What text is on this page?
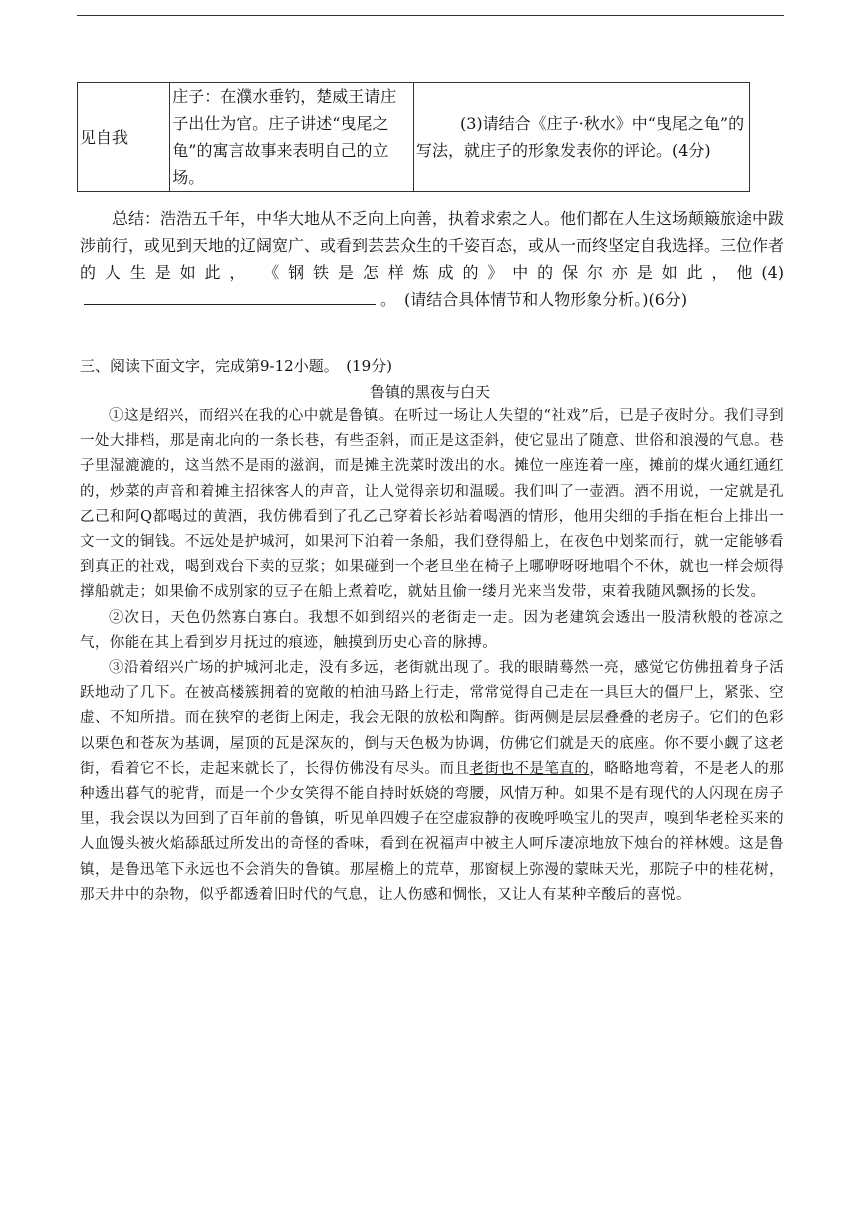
见自我	庄子：在濮水垂钓，楚威王请庄子出仕为官。庄子讲述“曳尾之龟”的寓言故事来表明自己的立场。	(3)请结合《庄子·秋水》中“曳尾之龟”的写法，就庄子的形象发表你的评论。(4分)

总结：浩浩五千年，中华大地从不乏向上向善，执着求索之人。他们都在人生这场颠簸旅途中跋涉前行，或见到天地的辽阔宽广、或看到芸芸众生的千姿百态，或从一而终坚定自我选择。三位作者的人生是如此，　《钢铁是怎样炼成的》中的保尔亦是如此，他(4)。　(请结合具体情节和人物形象分析。)(6分)

三、阅读下面文字，完成第9-12小题。　(19分)
鲁镇的黑夜与白天

①这是绍兴，而绍兴在我的心中就是鲁镇。在听过一场让人失望的“社戏”后，已是子夜时分。我们寻到一处大排档，那是南北向的一条长巷，有些歪斜，而正是这歪斜，使它显出了随意、世俗和浪漫的气息。巷子里湿漉漉的，这当然不是雨的滋润，而是摊主洗菜时泼出的水。摊位一座连着一座，摊前的煤火通红通红的，炒菜的声音和着摊主招徕客人的声音，让人觉得亲切和温暖。我们叫了一壶酒。酒不用说，一定就是孔乙己和阿Q都喝过的黄酒，我仿佛看到了孔乙己穿着长衫站着喝酒的情形，他用尖细的手指在柜台上排出一文一文的铜钱。不远处是护城河，如果河下泊着一条船，我们登得船上，在夜色中划桨而行，就一定能够看到真正的社戏，喝到戏台下卖的豆浆；如果碰到一个老旦坐在椅子上哪咿呀呀地唱个不休，就也一样会烦得撑船就走；如果偷不成别家的豆子在船上煮着吃，就姑且偷一缕月光来当发带，束着我随风飘扬的长发。

②次日，天色仍然寡白寡白。我想不如到绍兴的老街走一走。因为老建筑会透出一股清秋般的苍凉之气，你能在其上看到岁月抚过的痕迹，触摸到历史心音的脉搏。

③沿着绍兴广场的护城河北走，没有多远，老街就出现了。我的眼睛蓦然一亮，感觉它仿佛扭着身子活跃地动了几下。在被高楼簇拥着的宽敞的柏油马路上行走，常常觉得自己走在一具巨大的僵尸上，紧张、空虚、不知所措。而在狭窄的老街上闲走，我会无限的放松和陶醉。街两侧是层层叠叠的老房子。它们的色彩以栗色和苍灰为基调，屋顶的瓦是深灰的，倒与天色极为协调，仿佛它们就是天的底座。你不要小觑了这老街，看着它不长，走起来就长了，长得仿佛没有尽头。而且老街也不是笔直的，略略地弯着，不是老人的那种透出暮气的驼背，而是一个少女笑得不能自持时妖娆的弯腰，风情万种。如果不是有现代的人闪现在房子里，我会误以为回到了百年前的鲁镇，听见单四嫂子在空虚寂静的夜晚呼唤宝儿的哭声，嗅到华老栓买来的人血馒头被火焰舔舐过所发出的奇怪的香味，看到在祝福声中被主人呵斥凄凉地放下烛台的祥林嫂。这是鲁镇，是鲁迅笔下永远也不会消失的鲁镇。那屋檐上的荒草，那窗棂上弥漫的蒙昧天光，那院子中的桂花树，那天井中的杂物，似乎都透着旧时代的气息，让人伤感和惆怅，又让人有某种辛酸后的喜悦。
